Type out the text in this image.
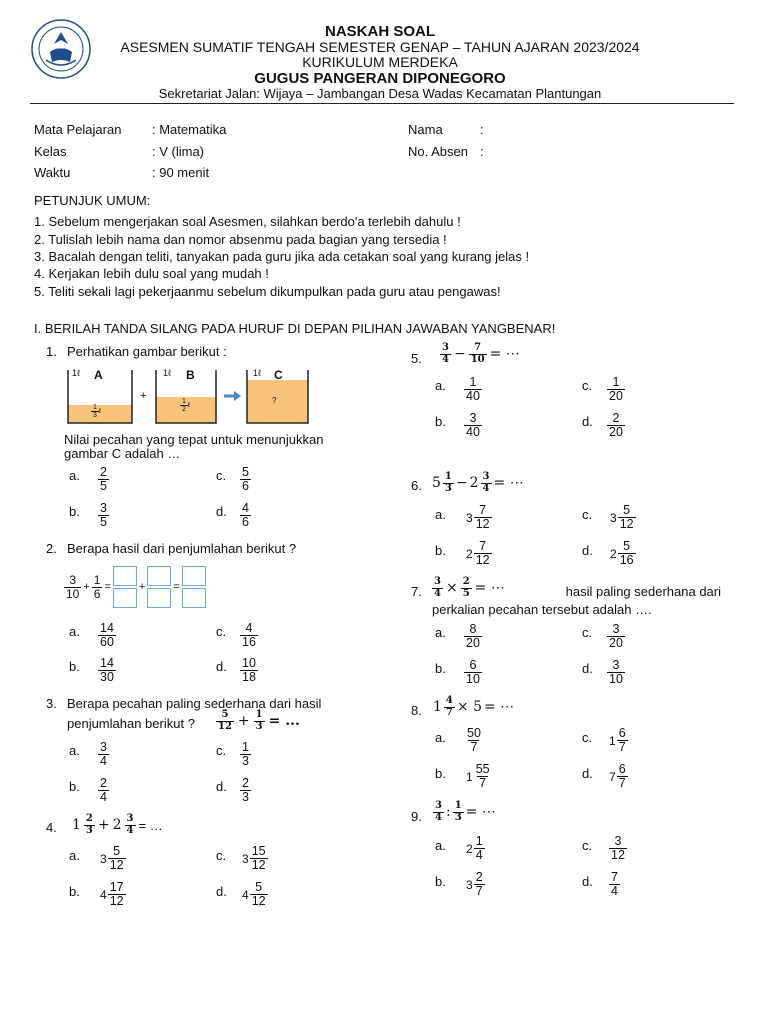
NASKAH SOAL
ASESMEN SUMATIF TENGAH SEMESTER GENAP – TAHUN AJARAN 2023/2024
KURIKULUM MERDEKA
GUGUS PANGERAN DIPONEGORO
Sekretariat Jalan: Wijaya – Jambangan Desa Wadas Kecamatan Plantungan
Mata Pelajaran : Matematika
Kelas	: V (lima)
Waktu	: 90 menit
Nama	:
No. Absen :
PETUNJUK UMUM:
1. Sebelum mengerjakan soal Asesmen, silahkan berdo'a terlebih dahulu !
2. Tulislah lebih nama dan nomor absenmu pada bagian yang tersedia !
3. Bacalah dengan teliti, tanyakan pada guru jika ada cetakan soal yang kurang jelas !
4. Kerjakan lebih dulu soal yang mudah !
5. Teliti sekali lagi pekerjaanmu sebelum dikumpulkan pada guru atau pengawas!
I. BERILAH TANDA SILANG PADA HURUF DI DEPAN PILIHAN JAWABAN YANGBENAR!
1. Perhatikan gambar berikut :
1ℓ A	1ℓ B	1ℓ C
+	?
$\frac{1}{3}$ ℓ	$\frac{1}{2}$ ℓ
Nilai pecahan yang tepat untuk menunjukkan
gambar C adalah …
a. $\frac{2}{5}$	c. $\frac{5}{6}$
b. $\frac{3}{5}$	d. $\frac{4}{6}$
2. Berapa hasil dari penjumlahan berikut ?
$\frac{3}{10} + \frac{1}{6}$ =	+	=
a. $\frac{14}{60}$	c. $\frac{4}{16}$
b. $\frac{14}{30}$	d. $\frac{10}{18}$
3. Berapa pecahan paling sederhana dari hasil
penjumlahan berikut ? $\frac{5}{12} + \frac{1}{3}$ = ...
a. $\frac{3}{4}$	c. $\frac{1}{3}$
b. $\frac{2}{4}$	d. $\frac{2}{3}$
4. $1 \frac{2}{3} + 2 \frac{3}{4}$ = …
a. $3 \frac{5}{12}$	c. $3 \frac{15}{12}$
b. $4 \frac{17}{12}$	d. $4 \frac{5}{12}$
5. $\frac{3}{4} - \frac{7}{10}$ = ⋯
a. $\frac{1}{40}$	c. $\frac{1}{20}$
b. $\frac{3}{40}$	d. $\frac{2}{20}$
6. $5 \frac{1}{3} - 2 \frac{3}{4}$ = ⋯
a. $3 \frac{7}{12}$	c. $3 \frac{5}{12}$
b. $2 \frac{7}{12}$	d. $2 \frac{5}{16}$
7. $\frac{3}{4} \times \frac{2}{5}$ = ⋯	hasil paling sederhana dari
perkalian pecahan tersebut adalah ….
a. $\frac{8}{20}$	c. $\frac{3}{20}$
b. $\frac{6}{10}$	d. $\frac{3}{10}$
8. $1 \frac{4}{7} \times 5$ = ⋯
a. $\frac{50}{7}$	c. $1 \frac{6}{7}$
b. $1 \frac{55}{7}$	d. $7 \frac{6}{7}$
9. $\frac{3}{4}$ : $\frac{1}{3}$ = ⋯
a. $2 \frac{1}{4}$	c. $\frac{3}{12}$
b. $3 \frac{2}{7}$	d. $\frac{7}{4}$
